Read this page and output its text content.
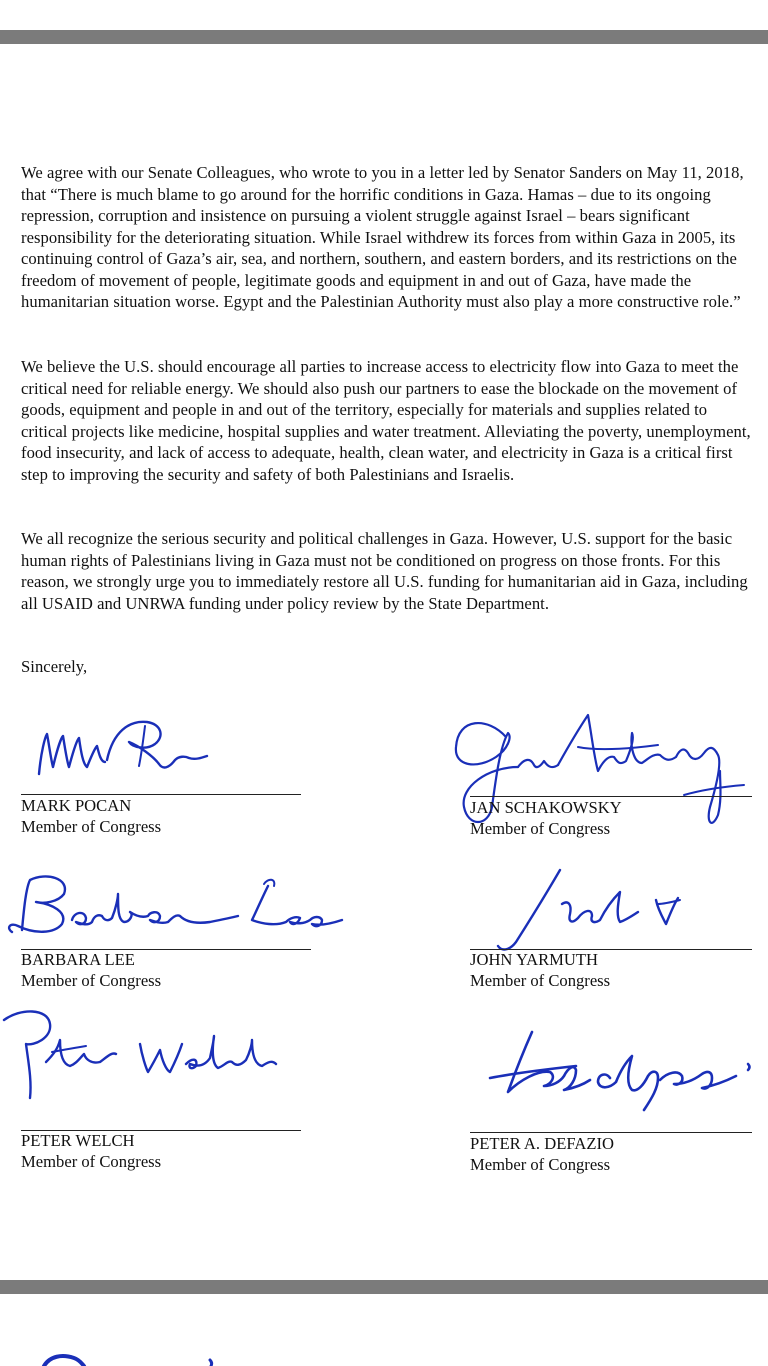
We agree with our Senate Colleagues, who wrote to you in a letter led by Senator Sanders on May 11, 2018, that “There is much blame to go around for the horrific conditions in Gaza. Hamas – due to its ongoing repression, corruption and insistence on pursuing a violent struggle against Israel – bears significant responsibility for the deteriorating situation. While Israel withdrew its forces from within Gaza in 2005, its continuing control of Gaza’s air, sea, and northern, southern, and eastern borders, and its restrictions on the freedom of movement of people, legitimate goods and equipment in and out of Gaza, have made the humanitarian situation worse. Egypt and the Palestinian Authority must also play a more constructive role.”

We believe the U.S. should encourage all parties to increase access to electricity flow into Gaza to meet the critical need for reliable energy. We should also push our partners to ease the blockade on the movement of goods, equipment and people in and out of the territory, especially for materials and supplies related to critical projects like medicine, hospital supplies and water treatment. Alleviating the poverty, unemployment, food insecurity, and lack of access to adequate, health, clean water, and electricity in Gaza is a critical first step to improving the security and safety of both Palestinians and Israelis.

We all recognize the serious security and political challenges in Gaza. However, U.S. support for the basic human rights of Palestinians living in Gaza must not be conditioned on progress on those fronts. For this reason, we strongly urge you to immediately restore all U.S. funding for humanitarian aid in Gaza, including all USAID and UNRWA funding under policy review by the State Department.

Sincerely,

MARK POCAN
Member of Congress
JAN SCHAKOWSKY
Member of Congress
BARBARA LEE
Member of Congress
JOHN YARMUTH
Member of Congress
PETER WELCH
Member of Congress
PETER A. DEFAZIO
Member of Congress
